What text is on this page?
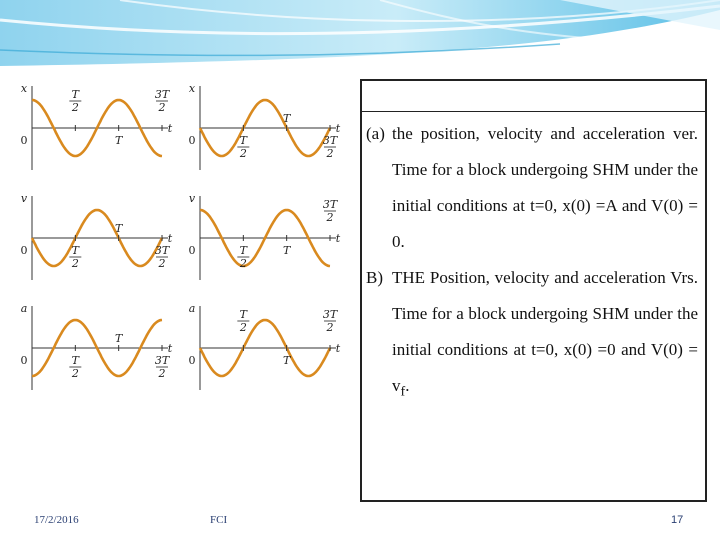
x
0
t
T
2
3T
2
T
x
0
t
T
T
2
3T
2
v
0
t
T
T
2
3T
2
v
0
t
3T
2
T
2
T
a
0
t
T
T
2
3T
2
a
0
t
T
2
3T
2
T
(a) the position, velocity and acceleration ver. Time for a block undergoing SHM under the initial conditions at t=0, x(0) =A and V(0) = 0.
B) THE Position, velocity and acceleration Vrs. Time for a block undergoing SHM under the initial conditions at t=0, x(0) =0 and $V(0) = v_f$.
17/2/2016	FCI	17
